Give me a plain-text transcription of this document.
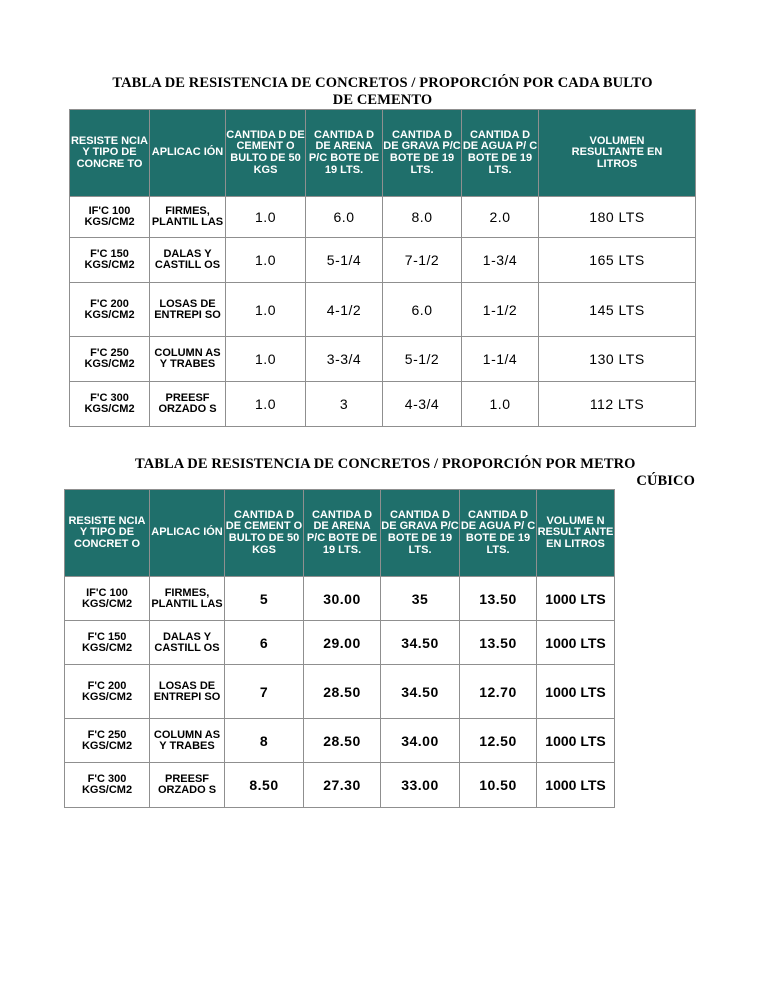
TABLA DE RESISTENCIA DE CONCRETOS / PROPORCIÓN POR CADA BULTO
DE CEMENTO
RESISTE NCIA Y TIPO DE CONCRE TO	APLICAC IÓN	CANTIDA D DE CEMENT O BULTO DE 50 KGS	CANTIDA D DE ARENA P/C BOTE DE 19 LTS.	CANTIDA D DE GRAVA P/C BOTE DE 19 LTS.	CANTIDA D DE AGUA P/ C BOTE DE 19 LTS.	VOLUMEN RESULTANTE EN LITROS
IF'C 100 KGS/CM2	FIRMES, PLANTIL LAS	1.0	6.0	8.0	2.0	180 LTS
F'C 150 KGS/CM2	DALAS Y CASTILL OS	1.0	5-1/4	7-1/2	1-3/4	165 LTS
F'C 200 KGS/CM2	LOSAS DE ENTREPI SO	1.0	4-1/2	6.0	1-1/2	145 LTS
F'C 250 KGS/CM2	COLUMN AS Y TRABES	1.0	3-3/4	5-1/2	1-1/4	130 LTS
F'C 300 KGS/CM2	PREESF ORZADO S	1.0	3	4-3/4	1.0	112 LTS
TABLA DE RESISTENCIA DE CONCRETOS / PROPORCIÓN POR METRO
CÚBICO
RESISTE NCIA Y TIPO DE CONCRET O	APLICAC IÓN	CANTIDA D DE CEMENT O BULTO DE 50 KGS	CANTIDA D DE ARENA P/C BOTE DE 19 LTS.	CANTIDA D DE GRAVA P/C BOTE DE 19 LTS.	CANTIDA D DE AGUA P/ C BOTE DE 19 LTS.	VOLUME N RESULT ANTE EN LITROS
IF'C 100 KGS/CM2	FIRMES, PLANTIL LAS	5	30.00	35	13.50	1000 LTS
F'C 150 KGS/CM2	DALAS Y CASTILL OS	6	29.00	34.50	13.50	1000 LTS
F'C 200 KGS/CM2	LOSAS DE ENTREPI SO	7	28.50	34.50	12.70	1000 LTS
F'C 250 KGS/CM2	COLUMN AS Y TRABES	8	28.50	34.00	12.50	1000 LTS
F'C 300 KGS/CM2	PREESF ORZADO S	8.50	27.30	33.00	10.50	1000 LTS
